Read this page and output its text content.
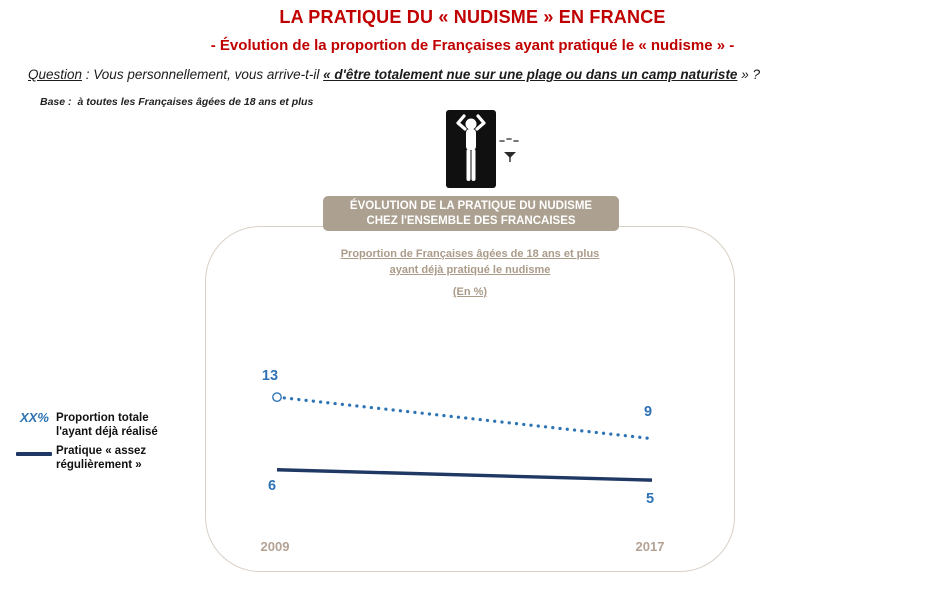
LA PRATIQUE DU « NUDISME » EN FRANCE
- Évolution de la proportion de Françaises ayant pratiqué le « nudisme » -
Question : Vous personnellement, vous arrive-t-il « d'être totalement nue sur une plage ou dans un camp naturiste » ?
Base : à toutes les Françaises âgées de 18 ans et plus
ÉVOLUTION DE LA PRATIQUE DU NUDISME
CHEZ l'ENSEMBLE DES FRANCAISES
Proportion de Françaises âgées de 18 ans et plus
ayant déjà pratiqué le nudisme
(En %)
XX% Proportion totale
l'ayant déjà réalisé
Pratique « assez
régulièrement »
13
9
6
5
2009	2017
